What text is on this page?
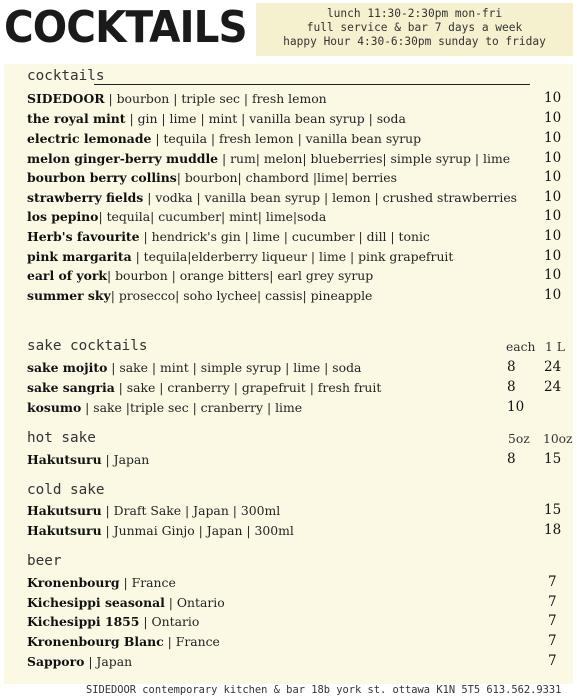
COCKTAILS	lunch 11:30-2:30pm mon-fri
full service & bar 7 days a week
happy Hour 4:30-6:30pm sunday to friday
cocktails
SIDEDOOR | bourbon | triple sec | fresh lemon	10
the royal mint | gin | lime | mint | vanilla bean syrup | soda	10
electric lemonade | tequila | fresh lemon | vanilla bean syrup	10
melon ginger-berry muddle | rum| melon| blueberries| simple syrup | lime	10
bourbon berry collins| bourbon| chambord |lime| berries	10
strawberry fields | vodka | vanilla bean syrup | lemon | crushed strawberries 10
los pepino| tequila| cucumber| mint| lime|soda	10
Herb's favourite | hendrick's gin | lime | cucumber | dill | tonic	10
pink margarita | tequila|elderberry liqueur | lime | pink grapefruit	10
earl of york| bourbon | orange bitters| earl grey syrup	10
summer sky| prosecco| soho lychee| cassis| pineapple	10
sake cocktails	each 1 L
sake mojito | sake | mint | simple syrup | lime | soda	8 24
sake sangria | sake | cranberry | grapefruit | fresh fruit	8 24
kosumo | sake |triple sec | cranberry | lime	10
hot sake	5oz 10oz
Hakutsuru | Japan	8 15
cold sake
Hakutsuru | Draft Sake | Japan | 300ml	15
Hakutsuru | Junmai Ginjo | Japan | 300ml	18
beer
Kronenbourg | France	7
Kichesippi seasonal | Ontario	7
Kichesippi 1855 | Ontario	7
Kronenbourg Blanc | France	7
Sapporo | Japan	7
SIDEDOOR contemporary kitchen & bar 18b york st. ottawa K1N 5T5 613.562.9331
